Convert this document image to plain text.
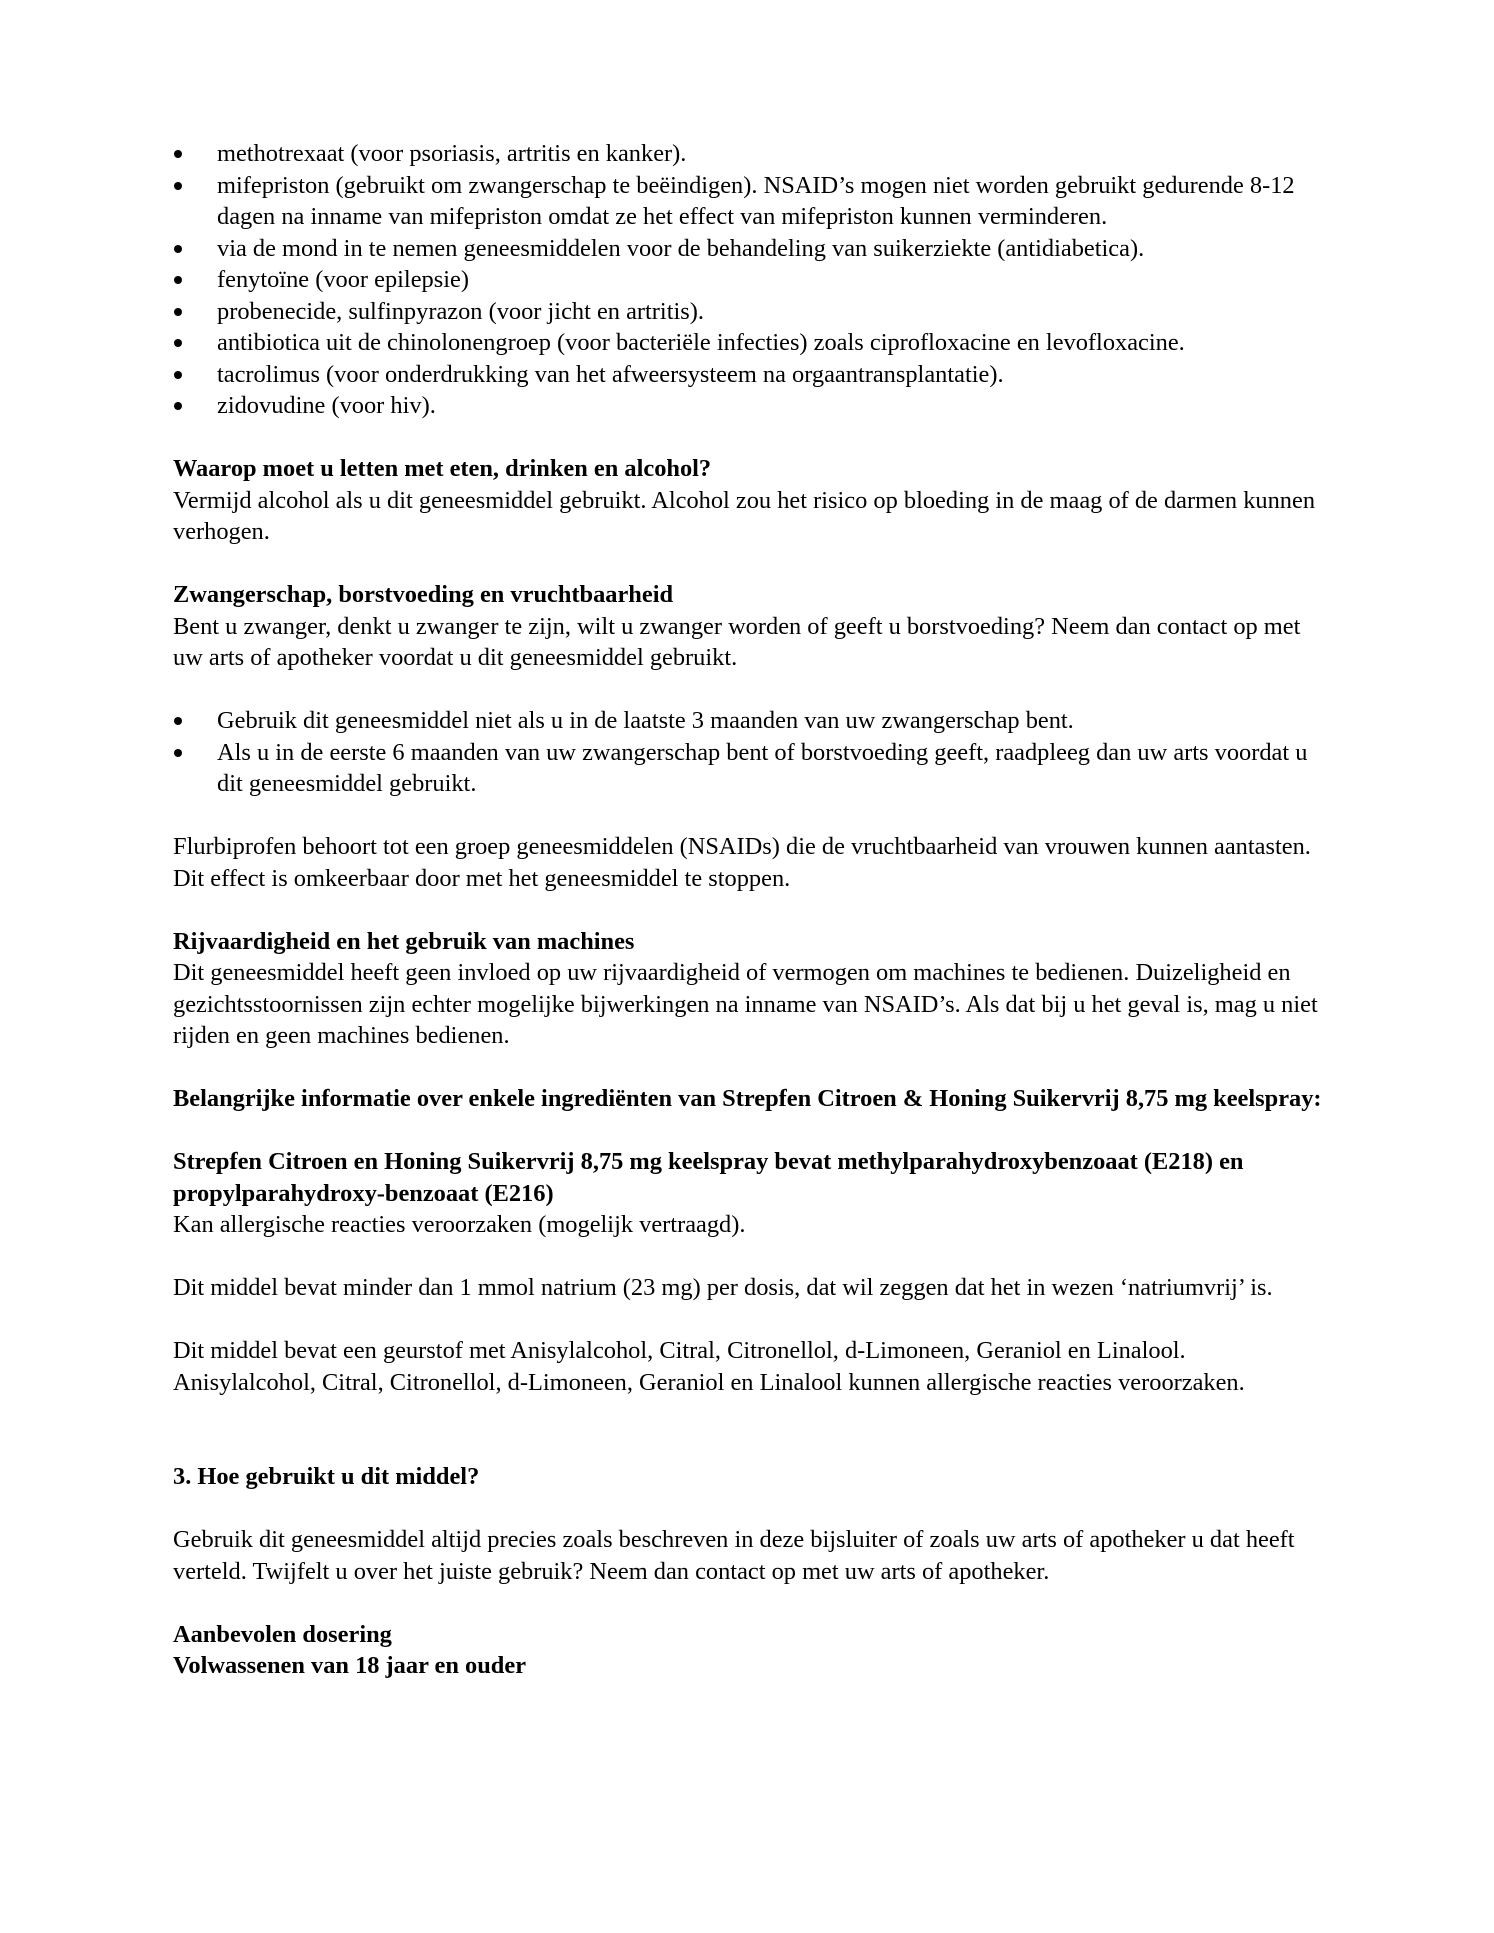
methotrexaat (voor psoriasis, artritis en kanker).
mifepriston (gebruikt om zwangerschap te beëindigen). NSAID’s mogen niet worden gebruikt gedurende 8-12 dagen na inname van mifepriston omdat ze het effect van mifepriston kunnen verminderen.
via de mond in te nemen geneesmiddelen voor de behandeling van suikerziekte (antidiabetica).
fenytoïne (voor epilepsie)
probenecide, sulfinpyrazon (voor jicht en artritis).
antibiotica uit de chinolonengroep (voor bacteriële infecties) zoals ciprofloxacine en levofloxacine.
tacrolimus (voor onderdrukking van het afweersysteem na orgaantransplantatie).
zidovudine (voor hiv).

Waarop moet u letten met eten, drinken en alcohol?

Vermijd alcohol als u dit geneesmiddel gebruikt. Alcohol zou het risico op bloeding in de maag of de darmen kunnen verhogen.

Zwangerschap, borstvoeding en vruchtbaarheid

Bent u zwanger, denkt u zwanger te zijn, wilt u zwanger worden of geeft u borstvoeding? Neem dan contact op met uw arts of apotheker voordat u dit geneesmiddel gebruikt.

Gebruik dit geneesmiddel niet als u in de laatste 3 maanden van uw zwangerschap bent.
Als u in de eerste 6 maanden van uw zwangerschap bent of borstvoeding geeft, raadpleeg dan uw arts voordat u dit geneesmiddel gebruikt.

Flurbiprofen behoort tot een groep geneesmiddelen (NSAIDs) die de vruchtbaarheid van vrouwen kunnen aantasten. Dit effect is omkeerbaar door met het geneesmiddel te stoppen.

Rijvaardigheid en het gebruik van machines

Dit geneesmiddel heeft geen invloed op uw rijvaardigheid of vermogen om machines te bedienen. Duizeligheid en gezichtsstoornissen zijn echter mogelijke bijwerkingen na inname van NSAID’s. Als dat bij u het geval is, mag u niet rijden en geen machines bedienen.

Belangrijke informatie over enkele ingrediënten van Strepfen Citroen & Honing Suikervrij 8,75 mg keelspray:

Strepfen Citroen en Honing Suikervrij 8,75 mg keelspray bevat methylparahydroxybenzoaat (E218) en propylparahydroxy-benzoaat (E216)

Kan allergische reacties veroorzaken (mogelijk vertraagd).

Dit middel bevat minder dan 1 mmol natrium (23 mg) per dosis, dat wil zeggen dat het in wezen ‘natriumvrij’ is.

Dit middel bevat een geurstof met Anisylalcohol, Citral, Citronellol, d-Limoneen, Geraniol en Linalool. Anisylalcohol, Citral, Citronellol, d-Limoneen, Geraniol en Linalool kunnen allergische reacties veroorzaken.

3. Hoe gebruikt u dit middel?

Gebruik dit geneesmiddel altijd precies zoals beschreven in deze bijsluiter of zoals uw arts of apotheker u dat heeft verteld. Twijfelt u over het juiste gebruik? Neem dan contact op met uw arts of apotheker.

Aanbevolen dosering

Volwassenen van 18 jaar en ouder
